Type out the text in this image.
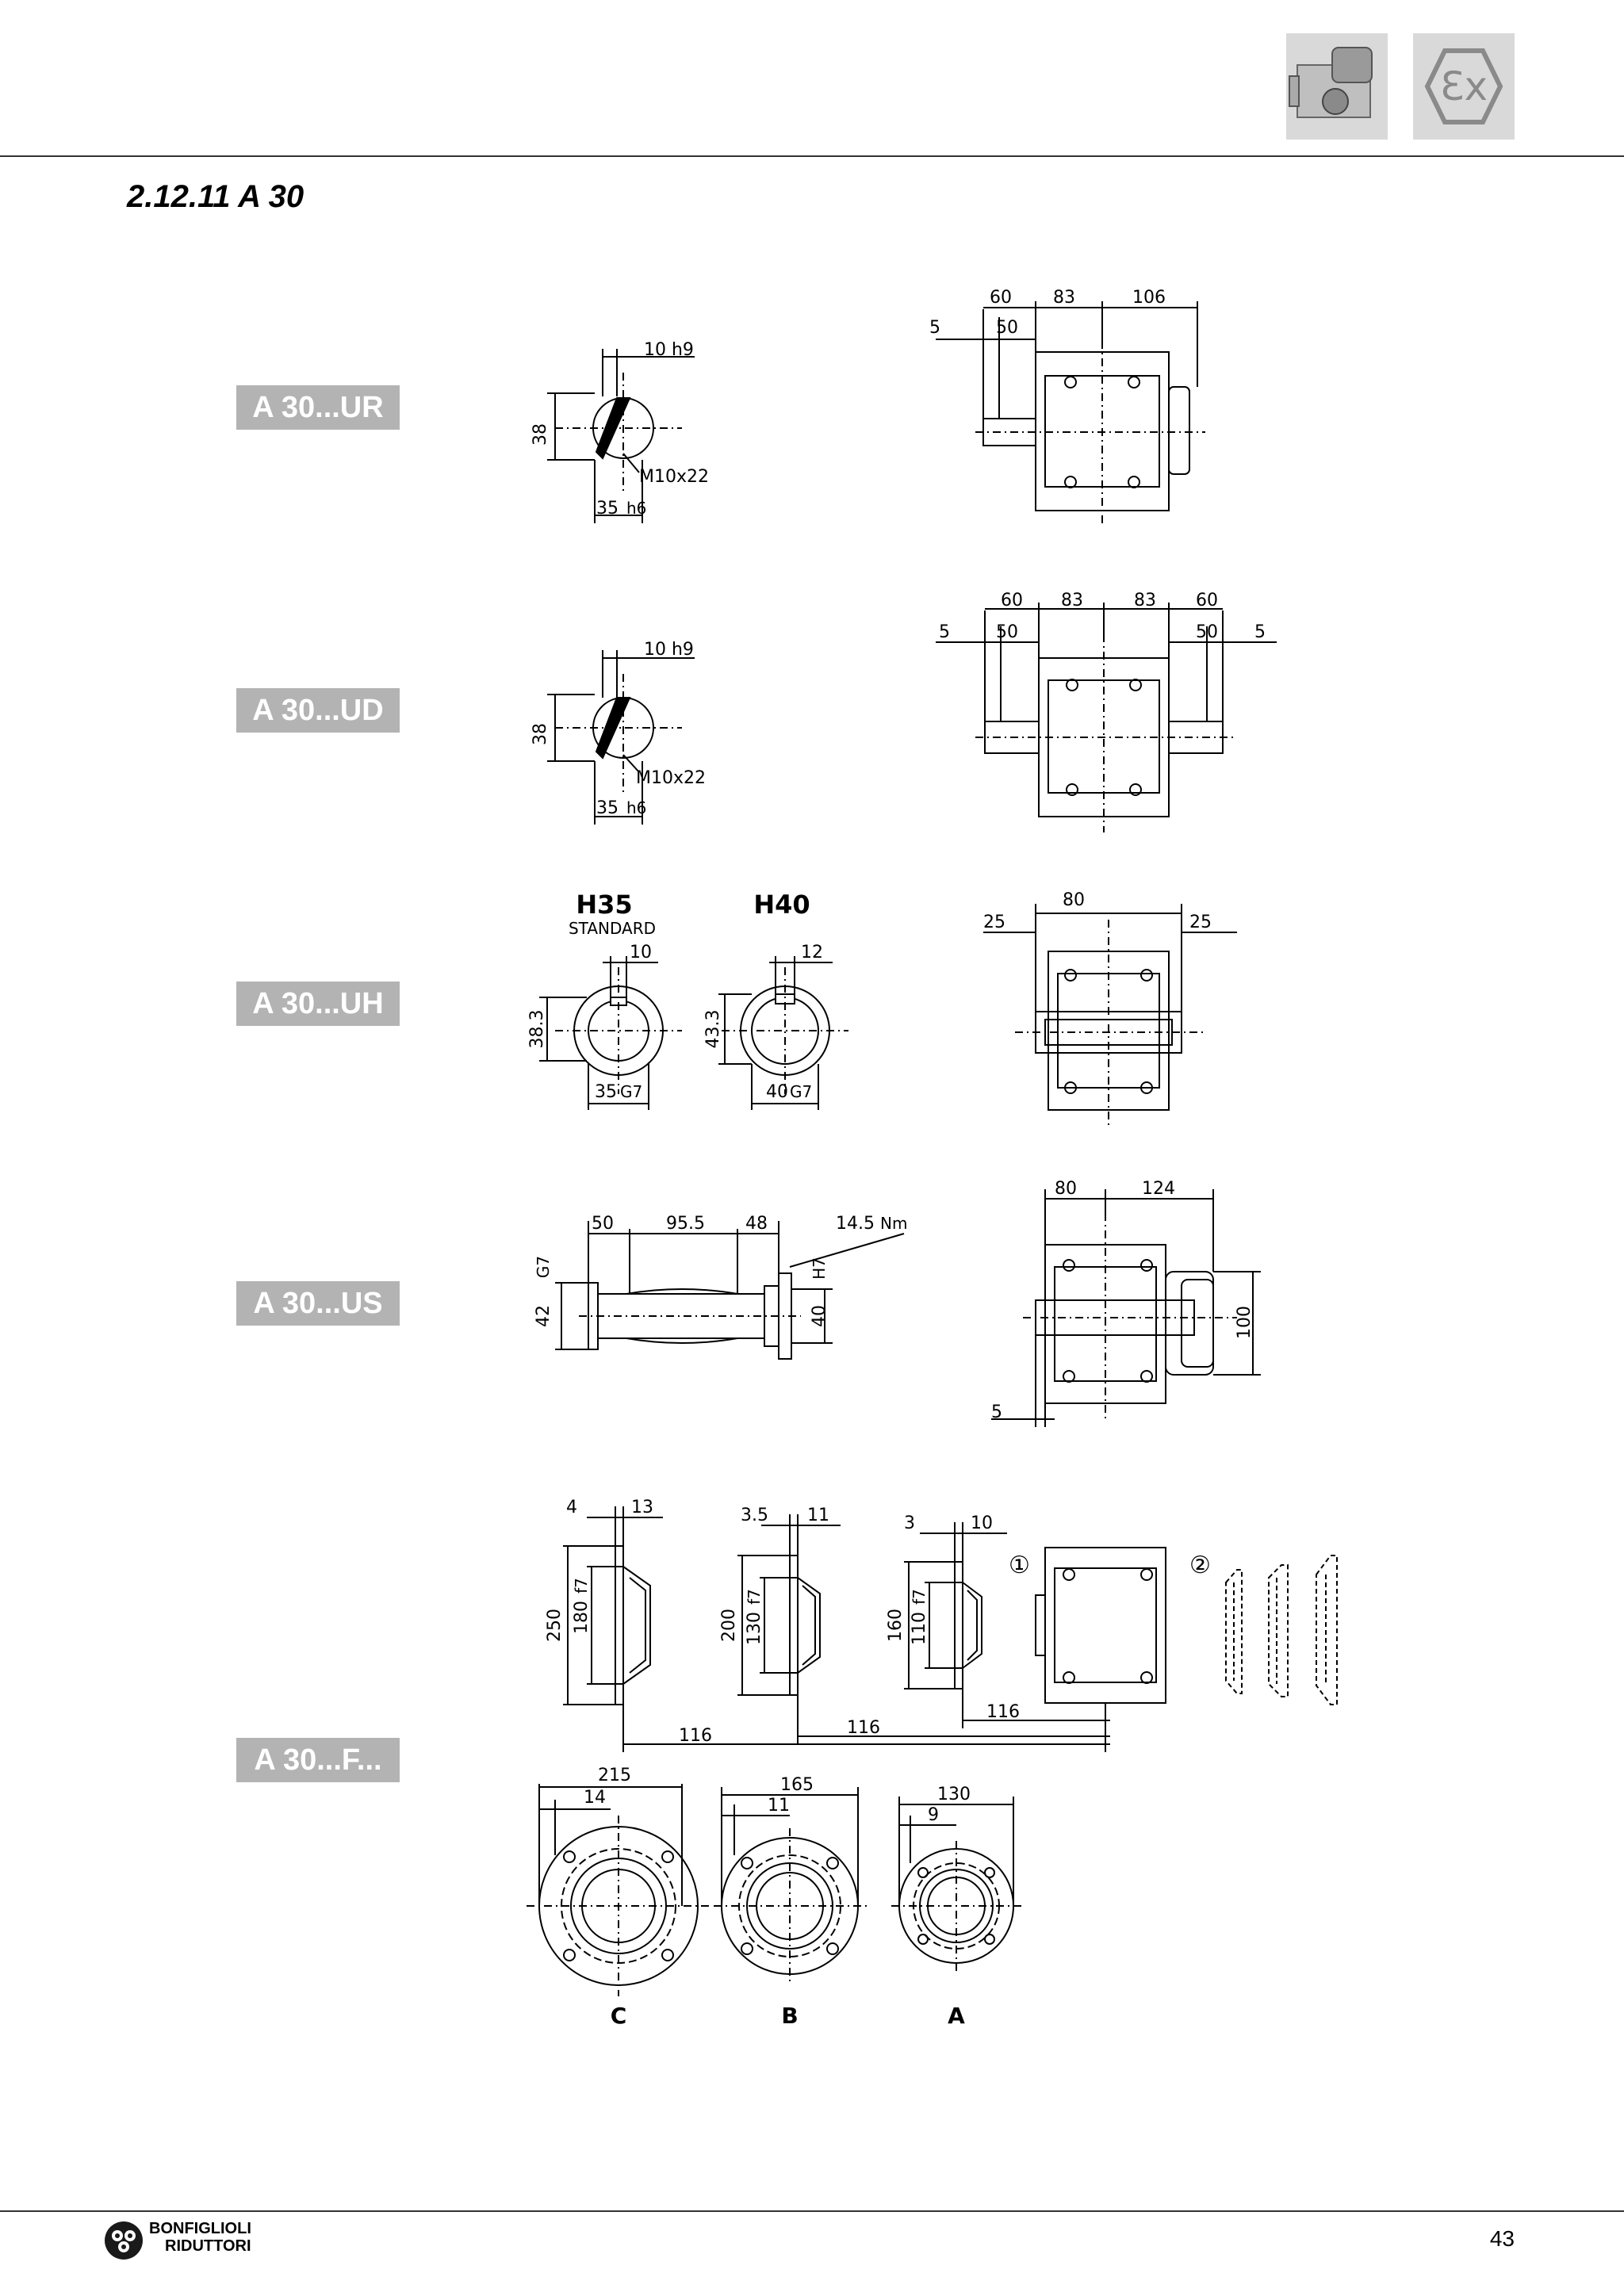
Ɛx
2.12.11 A 30
A 30...UR
A 30...UD
A 30...UH
A 30...US
A 30...F...
10 h9
38
M10x22
35 h6
60 83	106
5	50
10 h9
38
M10x22
35 h6
60 83	83 60
5	50	50 5
H35
STANDARD
H40
10
38.3
35 G7
12
43.3
40 G7
80
25	25
50	95.5 48	14.5 Nm
G7
42
H7
40
80	124
100
5
4	13
250 180
f7
3.5 11
200 130
f7
3	10
160 110
f7
116	116
116
①	②
215
14
C
165
11
B
130
9
A
BONFIGLIOLI
RIDUTTORI	43
